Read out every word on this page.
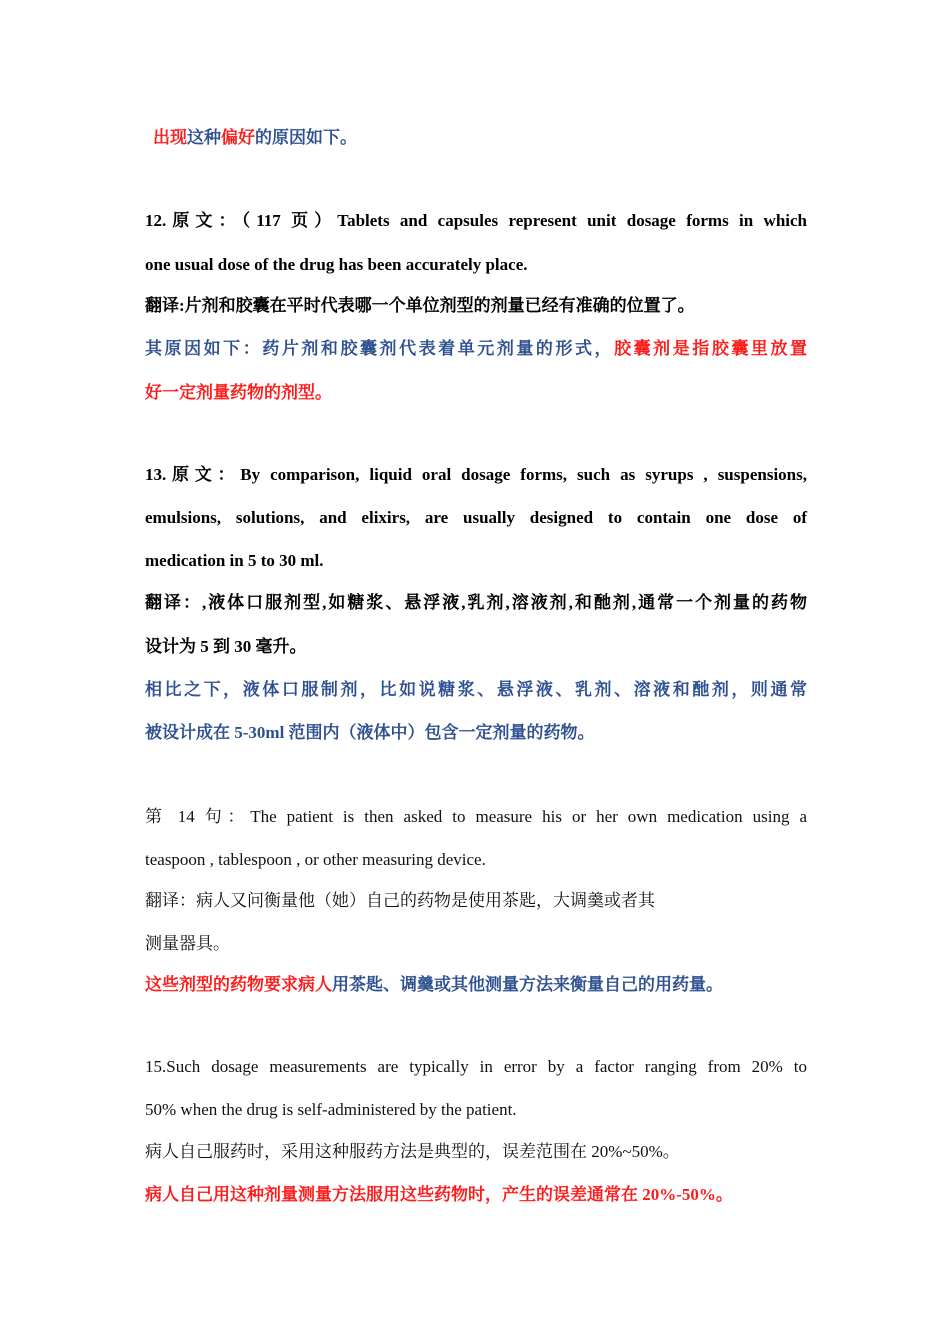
出现这种偏好的原因如下。
12.原文：（117 页）Tablets and capsules represent unit dosage forms in which
one usual dose of the drug has been accurately place.
翻译:片剂和胶囊在平时代表哪一个单位剂型的剂量已经有准确的位置了。
其原因如下：药片剂和胶囊剂代表着单元剂量的形式，胶囊剂是指胶囊里放置
好一定剂量药物的剂型。
13.原文：By comparison, liquid oral dosage forms, such as syrups , suspensions,
emulsions, solutions, and elixirs, are usually designed to contain one dose of
medication in 5 to 30 ml.
翻译：,液体口服剂型,如糖浆、悬浮液,乳剂,溶液剂,和酏剂,通常一个剂量的药物
设计为 5 到 30 毫升。
相比之下，液体口服制剂，比如说糖浆、悬浮液、乳剂、溶液和酏剂，则通常
被设计成在 5-30ml 范围内（液体中）包含一定剂量的药物。
第 14 句：The patient is then asked to measure his or her own medication using a
teaspoon , tablespoon , or other measuring device.
翻译：病人又问衡量他（她）自己的药物是使用茶匙，大调羹或者其
测量器具。
这些剂型的药物要求病人用茶匙、调羹或其他测量方法来衡量自己的用药量。
15.Such dosage measurements are typically in error by a factor ranging from 20% to
50% when the drug is self-administered by the patient.
病人自己服药时，采用这种服药方法是典型的，误差范围在 20%~50%。
病人自己用这种剂量测量方法服用这些药物时，产生的误差通常在 20%-50%。
